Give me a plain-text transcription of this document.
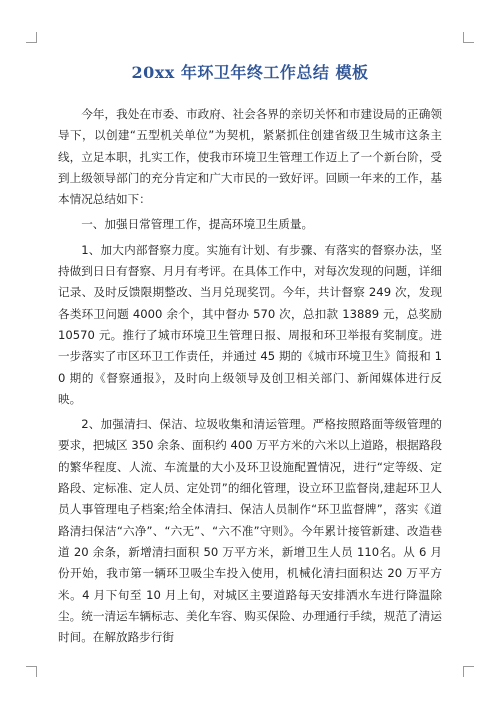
20xx 年环卫年终工作总结 模板

今年，我处在市委、市政府、社会各界的亲切关怀和市建设局的正确领导下，以创建“五型机关单位”为契机，紧紧抓住创建省级卫生城市这条主线，立足本职，扎实工作，使我市环境卫生管理工作迈上了一个新台阶，受到上级领导部门的充分肯定和广大市民的一致好评。回顾一年来的工作，基本情况总结如下：

一、加强日常管理工作，提高环境卫生质量。

1、加大内部督察力度。实施有计划、有步骤、有落实的督察办法，坚持做到日日有督察、月月有考评。在具体工作中，对每次发现的问题，详细记录、及时反馈限期整改、当月兑现奖罚。今年，共计督察 249 次，发现各类环卫问题 4000 余个，其中督办 570 次，总扣款 13889 元，总奖励 10570 元。推行了城市环境卫生管理日报、周报和环卫举报有奖制度。进一步落实了市区环卫工作责任，并通过 45 期的《城市环境卫生》简报和 10 期的《督察通报》，及时向上级领导及创卫相关部门、新闻媒体进行反映。

2、加强清扫、保洁、垃圾收集和清运管理。严格按照路面等级管理的要求，把城区 350 余条、面积约 400 万平方米的六米以上道路，根据路段的繁华程度、人流、车流量的大小及环卫设施配置情况，进行“定等级、定路段、定标准、定人员、定处罚”的细化管理，设立环卫监督岗,建起环卫人员人事管理电子档案;给全体清扫、保洁人员制作“环卫监督牌”，落实《道路清扫保洁“六净”、“六无”、“六不准”守则》。今年累计接管新建、改造巷道 20 余条，新增清扫面积 50 万平方米，新增卫生人员 110名。从 6 月份开始，我市第一辆环卫吸尘车投入使用，机械化清扫面积达 20 万平方米。4 月下旬至 10 月上旬，对城区主要道路每天安排洒水车进行降温除尘。统一清运车辆标志、美化车容、购买保险、办理通行手续，规范了清运时间。在解放路步行街
